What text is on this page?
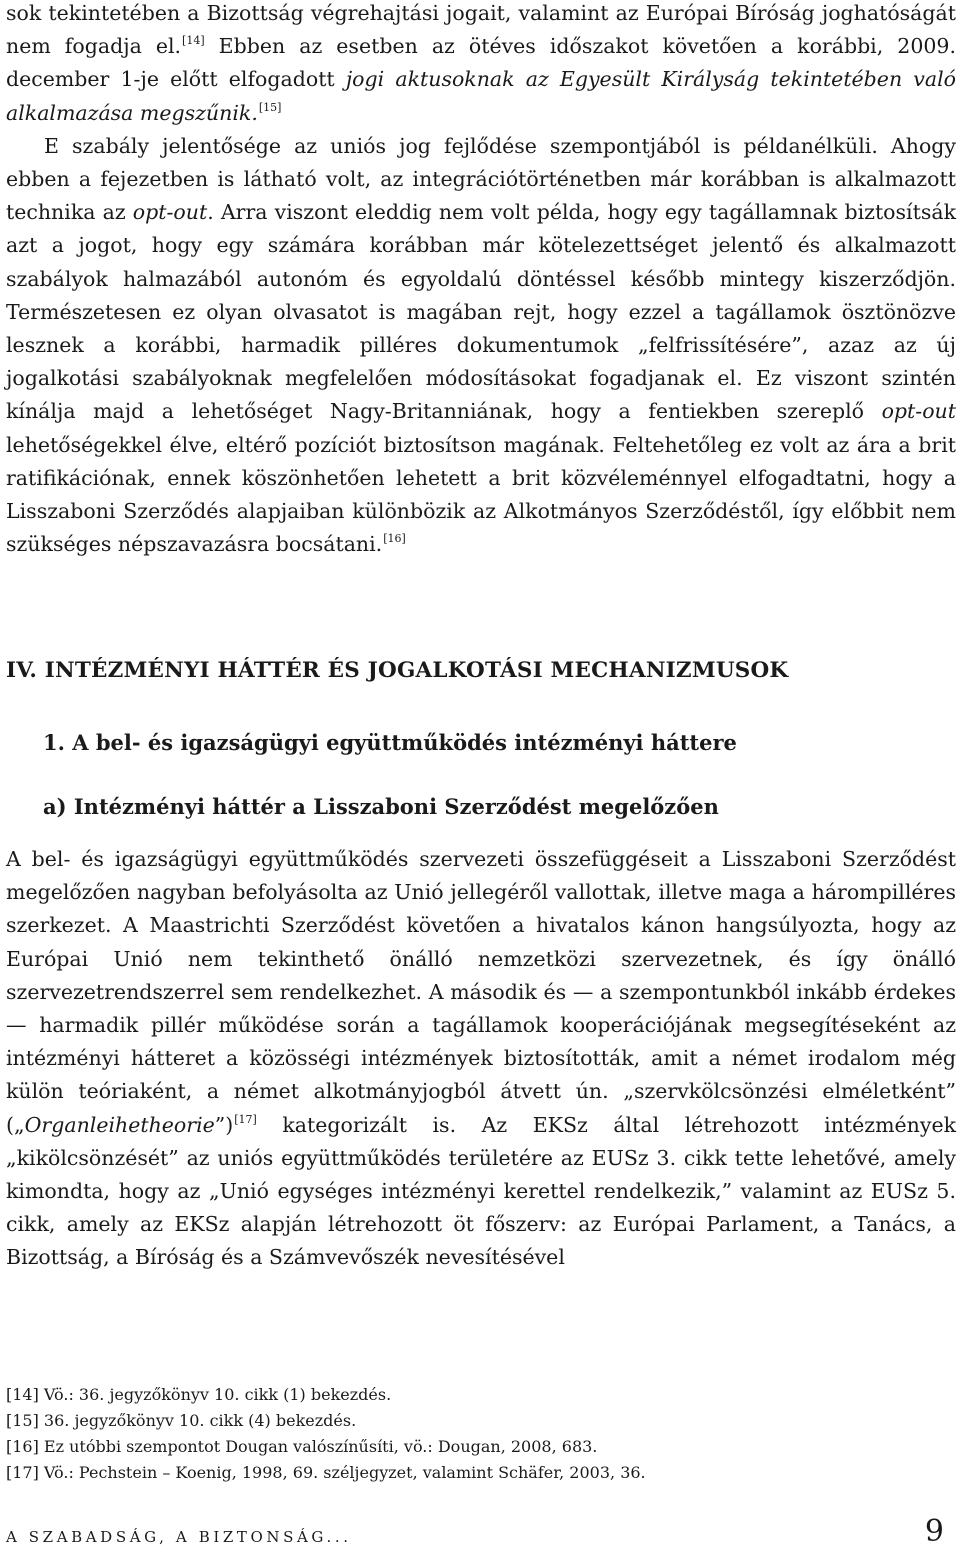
sok tekintetében a Bizottság végrehajtási jogait, valamint az Európai Bíróság joghatóságát nem fogadja el.[14] Ebben az esetben az ötéves időszakot követően a korábbi, 2009. december 1-je előtt elfogadott jogi aktusoknak az Egyesült Királyság tekintetében való alkalmazása megszűnik.[15]

E szabály jelentősége az uniós jog fejlődése szempontjából is példanélküli. Ahogy ebben a fejezetben is látható volt, az integrációtörténetben már korábban is alkalmazott technika az opt-out. Arra viszont eleddig nem volt példa, hogy egy tagállamnak biztosítsák azt a jogot, hogy egy számára korábban már kötelezettséget jelentő és alkalmazott szabályok halmazából autonóm és egyoldalú döntéssel később mintegy kiszerződjön. Természetesen ez olyan olvasatot is magában rejt, hogy ezzel a tagállamok ösztönözve lesznek a korábbi, harmadik pilléres dokumentumok „felfrissítésére”, azaz az új jogalkotási szabályoknak megfelelően módosításokat fogadjanak el. Ez viszont szintén kínálja majd a lehetőséget Nagy-Britanniának, hogy a fentiekben szereplő opt-out lehetőségekkel élve, eltérő pozíciót biztosítson magának. Feltehetőleg ez volt az ára a brit ratifikációnak, ennek köszönhetően lehetett a brit közvéleménnyel elfogadtatni, hogy a Lisszaboni Szerződés alapjaiban különbözik az Alkotmányos Szerződéstől, így előbbit nem szükséges népszavazásra bocsátani.[16]

IV. INTÉZMÉNYI HÁTTÉR ÉS JOGALKOTÁSI MECHANIZMUSOK
1. A bel- és igazságügyi együttműködés intézményi háttere
a) Intézményi háttér a Lisszaboni Szerződést megelőzően

A bel- és igazságügyi együttműködés szervezeti összefüggéseit a Lisszaboni Szerződést megelőzően nagyban befolyásolta az Unió jellegéről vallottak, illetve maga a hárompilléres szerkezet. A Maastrichti Szerződést követően a hivatalos kánon hangsúlyozta, hogy az Európai Unió nem tekinthető önálló nemzetközi szervezetnek, és így önálló szervezetrendszerrel sem rendelkezhet. A második és — a szempontunkból inkább érdekes — harmadik pillér működése során a tagállamok kooperációjának megsegítéseként az intézményi hátteret a közösségi intézmények biztosították, amit a német irodalom még külön teóriaként, a német alkotmányjogból átvett ún. „szervkölcsönzési elméletként” („Organleihetheorie”)[17] kategorizált is. Az EKSz által létrehozott intézmények „kikölcsönzését” az uniós együttműködés területére az EUSz 3. cikk tette lehetővé, amely kimondta, hogy az „Unió egységes intézményi kerettel rendelkezik,” valamint az EUSz 5. cikk, amely az EKSz alapján létrehozott öt főszerv: az Európai Parlament, a Tanács, a Bizottság, a Bíróság és a Számvevőszék nevesítésével

[14] Vö.: 36. jegyzőkönyv 10. cikk (1) bekezdés.

[15] 36. jegyzőkönyv 10. cikk (4) bekezdés.

[16] Ez utóbbi szempontot Dougan valószínűsíti, vö.: Dougan, 2008, 683.

[17] Vö.: Pechstein – Koenig, 1998, 69. széljegyzet, valamint Schäfer, 2003, 36.

A SZABADSÁG, A BIZTONSÁG...	9
